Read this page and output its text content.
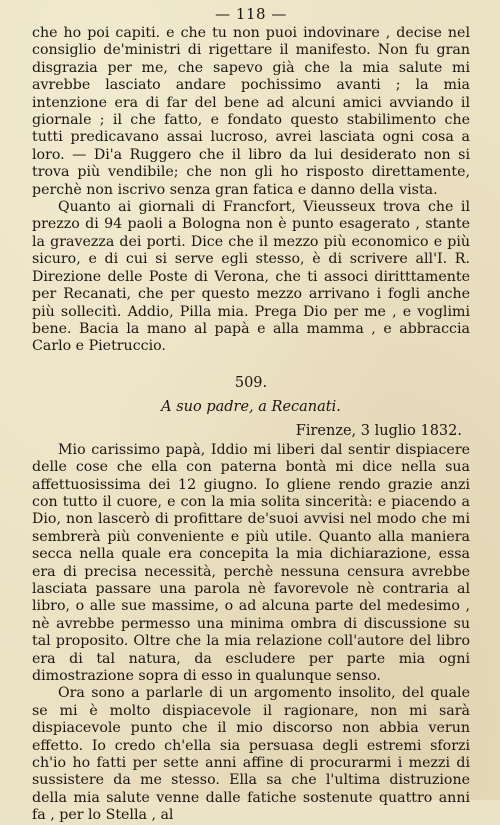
— 118 —

che ho poi capiti. e che tu non puoi indovinare , decise nel consiglio de'ministri di rigettare il manifesto. Non fu gran disgrazia per me, che sapevo già che la mia salute mi avrebbe lasciato andare pochissimo avanti ; la mia intenzione era di far del bene ad alcuni amici avviando il giornale ; il che fatto, e fondato questo stabilimento che tutti predicavano assai lucroso, avrei lasciata ogni cosa a loro. — Di'a Ruggero che il libro da lui desiderato non si trova più vendibile; che non gli ho risposto direttamente, perchè non iscrivo senza gran fatica e danno della vista.

Quanto ai giornali di Francfort, Vieusseux trova che il prezzo di 94 paoli a Bologna non è punto esagerato , stante la gravezza dei porti. Dice che il mezzo più economico e più sicuro, e di cui si serve egli stesso, è di scrivere all'I. R. Direzione delle Poste di Verona, che ti associ diritttamente per Recanati, che per questo mezzo arrivano i fogli anche più sollecitì. Addio, Pilla mia. Prega Dio per me , e voglimi bene. Bacia la mano al papà e alla mamma , e abbraccia Carlo e Pietruccio.

509.
A suo padre, a Recanati.
Firenze, 3 luglio 1832.

Mio carissimo papà, Iddio mi liberi dal sentir dispiacere delle cose che ella con paterna bontà mi dice nella sua affettuosissima dei 12 giugno. Io gliene rendo grazie anzi con tutto il cuore, e con la mia solita sincerità: e piacendo a Dio, non lascerò di profittare de'suoi avvisi nel modo che mi sembrerà più conveniente e più utile. Quanto alla maniera secca nella quale era concepita la mia dichiarazione, essa era di precisa necessità, perchè nessuna censura avrebbe lasciata passare una parola nè favorevole nè contraria al libro, o alle sue massime, o ad alcuna parte del medesimo , nè avrebbe permesso una minima ombra di discussione su tal proposito. Oltre che la mia relazione coll'autore del libro era di tal natura, da escludere per parte mia ogni dimostrazione sopra di esso in qualunque senso.

Ora sono a parlarle di un argomento insolito, del quale se mi è molto dispiacevole il ragionare, non mi sarà dispiacevole punto che il mio discorso non abbia verun effetto. Io credo ch'ella sia persuasa degli estremi sforzi ch'io ho fatti per sette anni affine di procurarmi i mezzi di sussistere da me stesso. Ella sa che l'ultima distruzione della mia salute venne dalle fatiche sostenute quattro anni fa , per lo Stella , al
